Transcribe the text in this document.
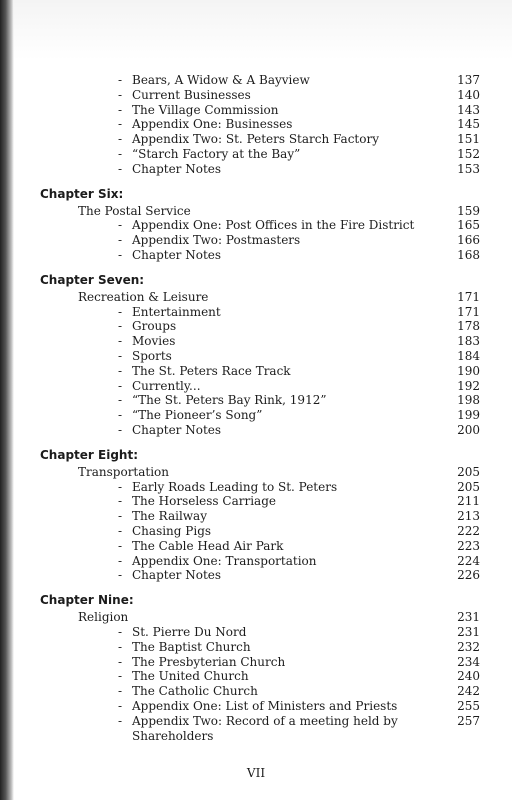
- Bears, A Widow & A Bayview	137
- Current Businesses	140
- The Village Commission	143
- Appendix One: Businesses	145
- Appendix Two: St. Peters Starch Factory	151
- “Starch Factory at the Bay”	152
- Chapter Notes	153
Chapter Six:
The Postal Service	159
- Appendix One: Post Offices in the Fire District	165
- Appendix Two: Postmasters	166
- Chapter Notes	168
Chapter Seven:
Recreation & Leisure	171
- Entertainment	171
- Groups	178
- Movies	183
- Sports	184
- The St. Peters Race Track	190
- Currently...	192
- “The St. Peters Bay Rink, 1912”	198
- “The Pioneer’s Song”	199
- Chapter Notes	200
Chapter Eight:
Transportation	205
- Early Roads Leading to St. Peters	205
- The Horseless Carriage	211
- The Railway	213
- Chasing Pigs	222
- The Cable Head Air Park	223
- Appendix One: Transportation	224
- Chapter Notes	226
Chapter Nine:
Religion	231
- St. Pierre Du Nord	231
- The Baptist Church	232
- The Presbyterian Church	234
- The United Church	240
- The Catholic Church	242
- Appendix One: List of Ministers and Priests	255
- Appendix Two: Record of a meeting held by	257
Shareholders
VII
